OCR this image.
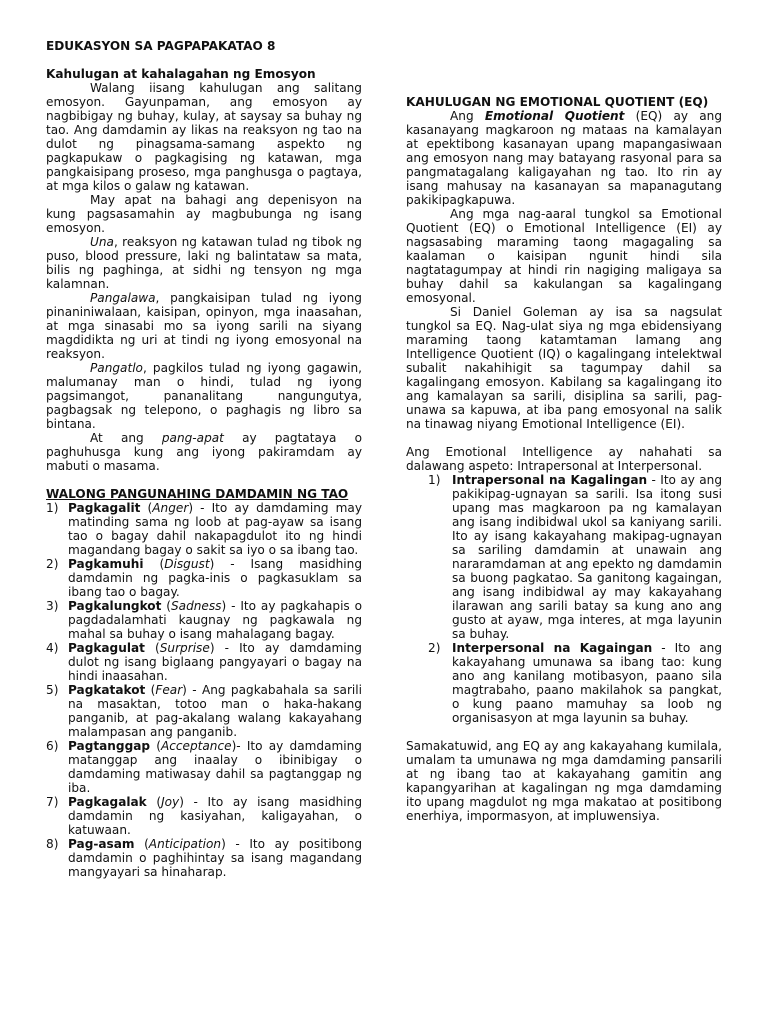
EDUKASYON SA PAGPAPAKATAO 8
Kahulugan at kahalagahan ng Emosyon

Walang iisang kahulugan ang salitang emosyon. Gayunpaman, ang emosyon ay nagbibigay ng buhay, kulay, at saysay sa buhay ng tao. Ang damdamin ay likas na reaksyon ng tao na dulot ng pinagsama-samang aspekto ng pagkapukaw o pagkagising ng katawan, mga pangkaisipang proseso, mga panghusga o pagtaya, at mga kilos o galaw ng katawan.

May apat na bahagi ang depenisyon na kung pagsasamahin ay magbubunga ng isang emosyon.

Una, reaksyon ng katawan tulad ng tibok ng puso, blood pressure, laki ng balintataw sa mata, bilis ng paghinga, at sidhi ng tensyon ng mga kalamnan.

Pangalawa, pangkaisipan tulad ng iyong pinaniniwalaan, kaisipan, opinyon, mga inaasahan, at mga sinasabi mo sa iyong sarili na siyang magdidikta ng uri at tindi ng iyong emosyonal na reaksyon.

Pangatlo, pagkilos tulad ng iyong gagawin, malumanay man o hindi, tulad ng iyong pagsimangot, pananalitang nangungutya, pagbagsak ng telepono, o paghagis ng libro sa bintana.

At ang pang-apat ay pagtataya o paghuhusga kung ang iyong pakiramdam ay mabuti o masama.

WALONG PANGUNAHING DAMDAMIN NG TAO

1) Pagkagalit (Anger) - Ito ay damdaming may matinding sama ng loob at pag-ayaw sa isang tao o bagay dahil nakapagdulot ito ng hindi magandang bagay o sakit sa iyo o sa ibang tao.
2) Pagkamuhi (Disgust) - Isang masidhing damdamin ng pagka-inis o pagkasuklam sa ibang tao o bagay.
3) Pagkalungkot (Sadness) - Ito ay pagkahapis o pagdadalamhati kaugnay ng pagkawala ng mahal sa buhay o isang mahalagang bagay.
4) Pagkagulat (Surprise) - Ito ay damdaming dulot ng isang biglaang pangyayari o bagay na hindi inaasahan.
5) Pagkatakot (Fear) - Ang pagkabahala sa sarili na masaktan, totoo man o haka-hakang panganib, at pag-akalang walang kakayahang malampasan ang panganib.
6) Pagtanggap (Acceptance)- Ito ay damdaming matanggap ang inaalay o ibinibigay o damdaming matiwasay dahil sa pagtanggap ng iba.
7) Pagkagalak (Joy) - Ito ay isang masidhing damdamin ng kasiyahan, kaligayahan, o katuwaan.
8) Pag-asam (Anticipation) - Ito ay positibong damdamin o paghihintay sa isang magandang mangyayari sa hinaharap.

KAHULUGAN NG EMOTIONAL QUOTIENT (EQ)

Ang Emotional Quotient (EQ) ay ang kasanayang magkaroon ng mataas na kamalayan at epektibong kasanayan upang mapangasiwaan ang emosyon nang may batayang rasyonal para sa pangmatagalang kaligayahan ng tao. Ito rin ay isang mahusay na kasanayan sa mapanagutang pakikipagkapuwa.

Ang mga nag-aaral tungkol sa Emotional Quotient (EQ) o Emotional Intelligence (EI) ay nagsasabing maraming taong magagaling sa kaalaman o kaisipan ngunit hindi sila nagtatagumpay at hindi rin nagiging maligaya sa buhay dahil sa kakulangan sa kagalingang emosyonal.

Si Daniel Goleman ay isa sa nagsulat tungkol sa EQ. Nag-ulat siya ng mga ebidensiyang maraming taong katamtaman lamang ang Intelligence Quotient (IQ) o kagalingang intelektwal subalit nakahihigit sa tagumpay dahil sa kagalingang emosyon. Kabilang sa kagalingang ito ang kamalayan sa sarili, disiplina sa sarili, pag-unawa sa kapuwa, at iba pang emosyonal na salik na tinawag niyang Emotional Intelligence (EI).

Ang Emotional Intelligence ay nahahati sa dalawang aspeto: Intrapersonal at Interpersonal.

1) Intrapersonal na Kagalingan - Ito ay ang pakikipag-ugnayan sa sarili. Isa itong susi upang mas magkaroon pa ng kamalayan ang isang indibidwal ukol sa kaniyang sarili. Ito ay isang kakayahang makipag-ugnayan sa sariling damdamin at unawain ang nararamdaman at ang epekto ng damdamin sa buong pagkatao. Sa ganitong kagaingan, ang isang indibidwal ay may kakayahang ilarawan ang sarili batay sa kung ano ang gusto at ayaw, mga interes, at mga layunin sa buhay.
2) Interpersonal na Kagaingan - Ito ang kakayahang umunawa sa ibang tao: kung ano ang kanilang motibasyon, paano sila magtrabaho, paano makilahok sa pangkat, o kung paano mamuhay sa loob ng organisasyon at mga layunin sa buhay.

Samakatuwid, ang EQ ay ang kakayahang kumilala, umalam ta umunawa ng mga damdaming pansarili at ng ibang tao at kakayahang gamitin ang kapangyarihan at kagalingan ng mga damdaming ito upang magdulot ng mga makatao at positibong enerhiya, impormasyon, at impluwensiya.
